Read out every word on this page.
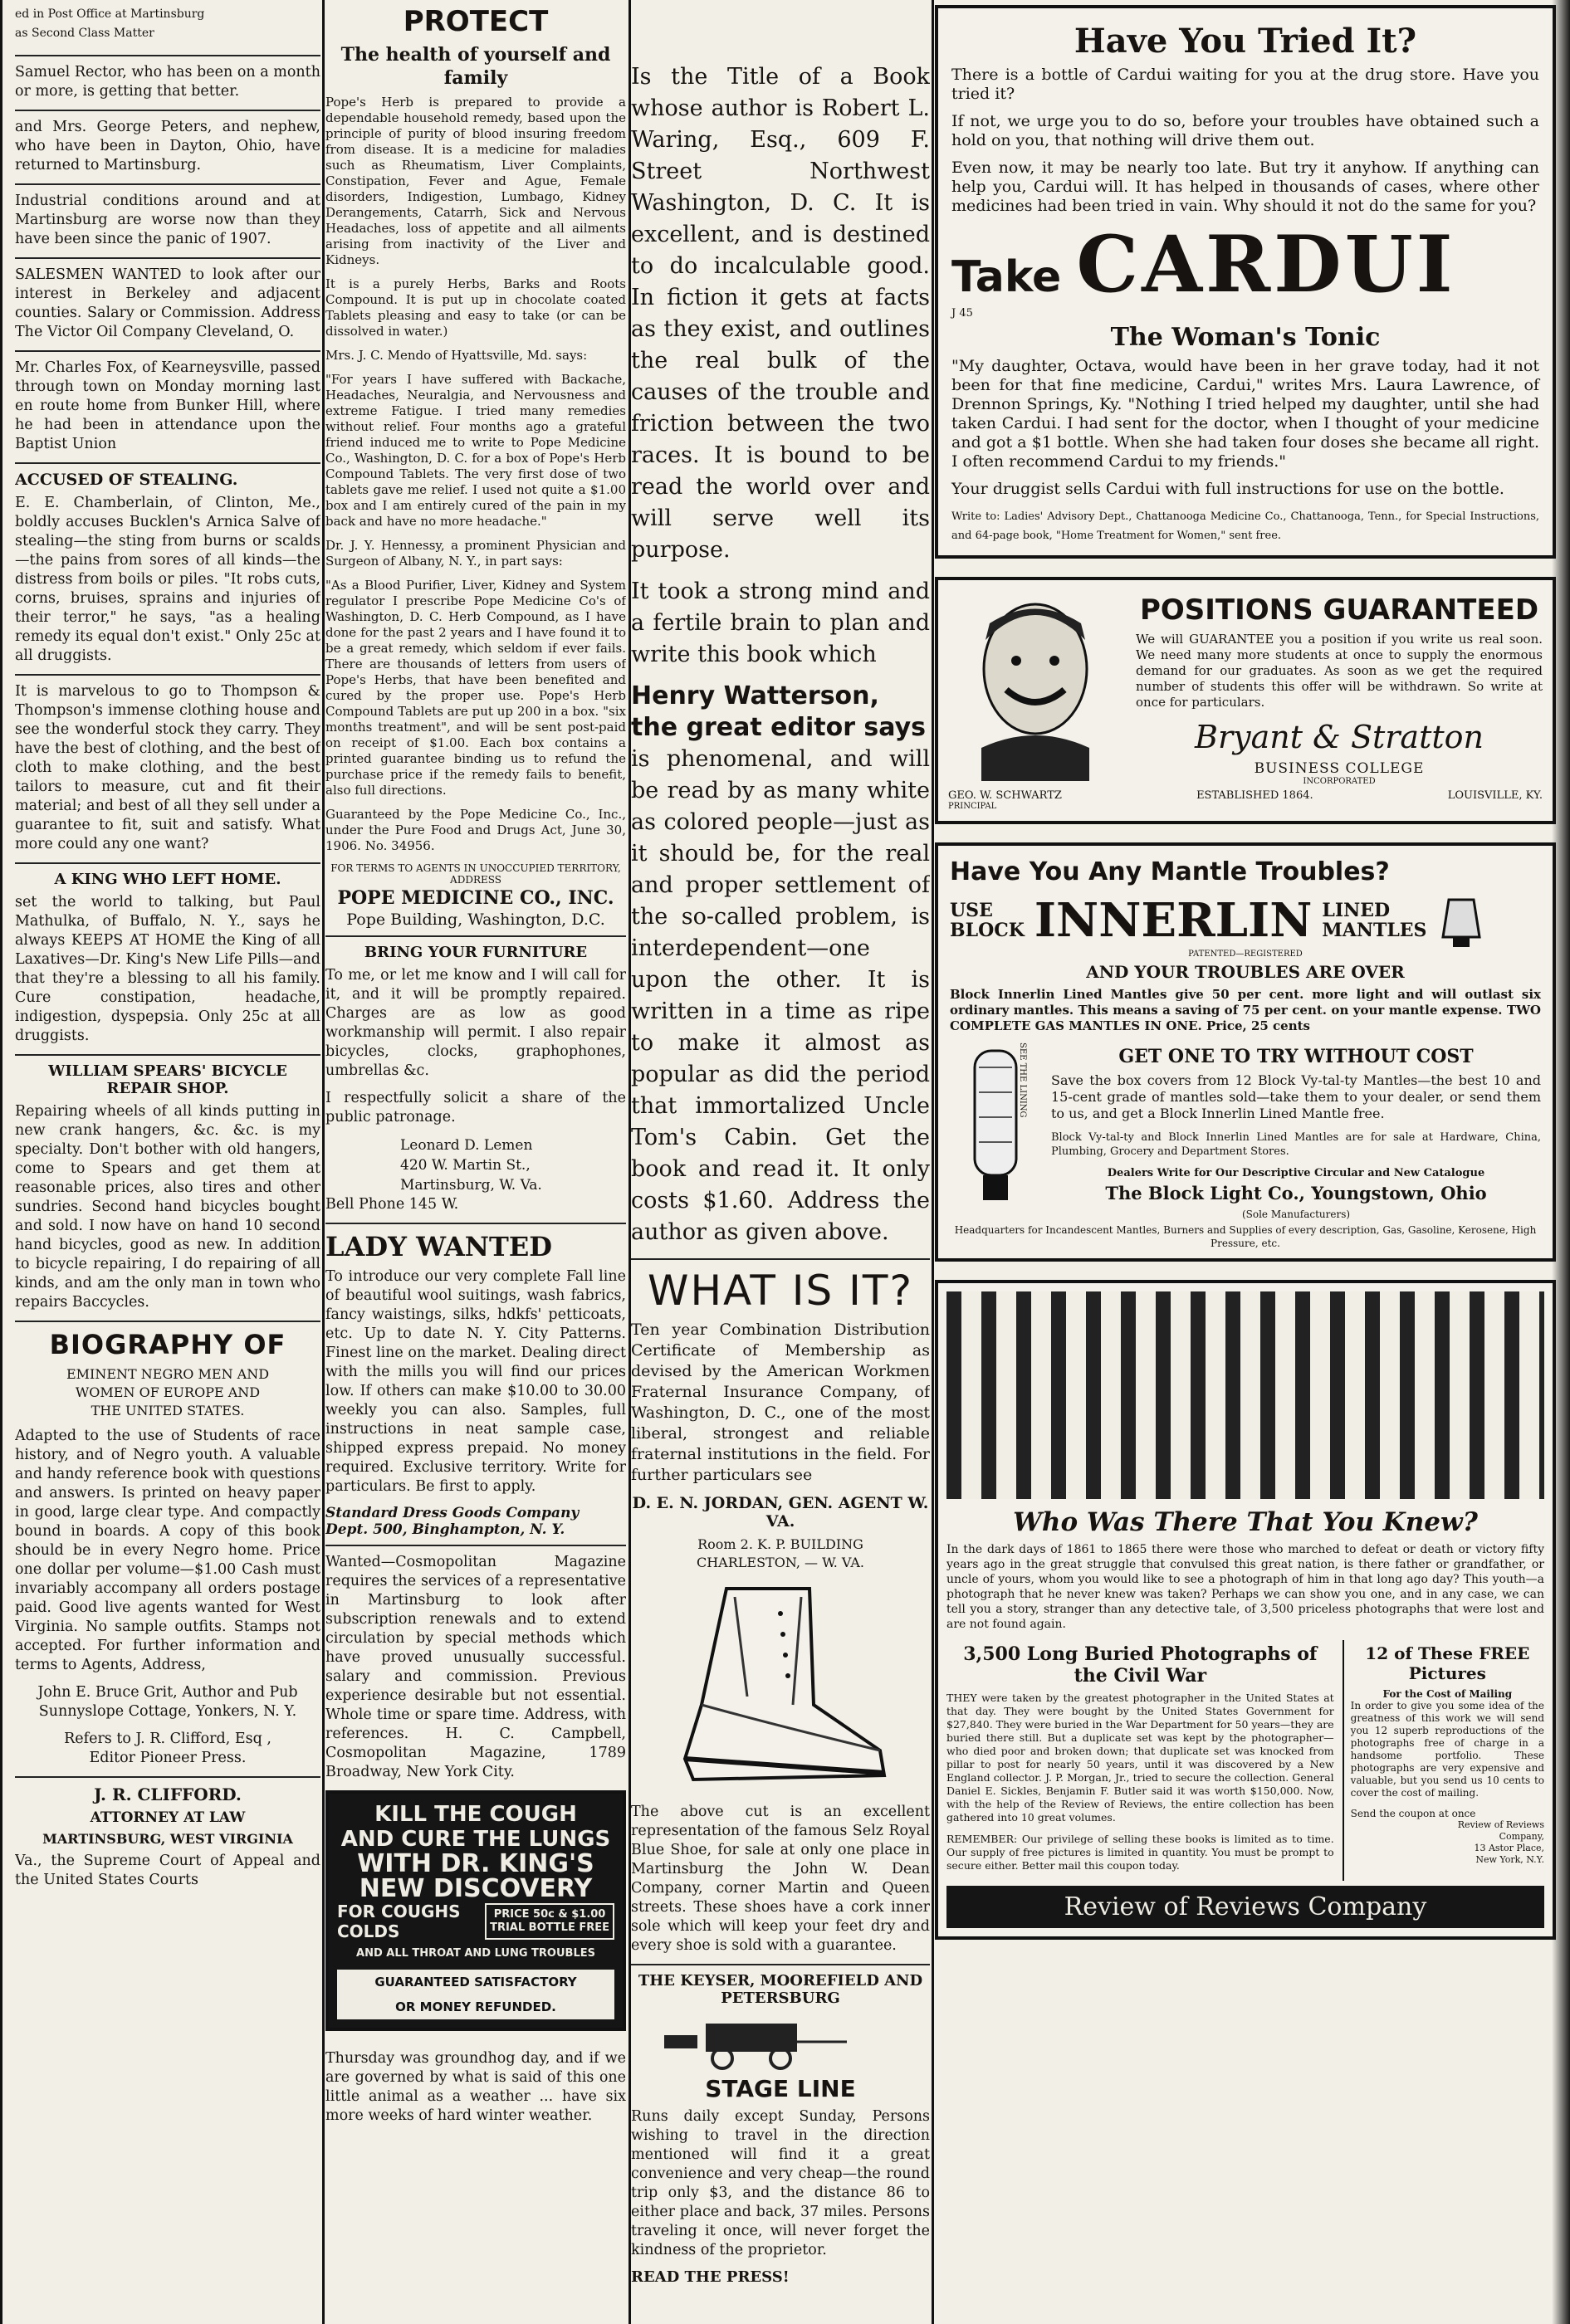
ed in Post Office at Martinsburg
as Second Class Matter

Samuel Rector, who has been on a month or more, is getting that better.

and Mrs. George Peters, and nephew, who have been in Dayton, Ohio, have returned to Martinsburg.

Industrial conditions around and at Martinsburg are worse now than they have been since the panic of 1907.

SALESMEN WANTED to look after our interest in Berkeley and adjacent counties. Salary or Commission. Address The Victor Oil Company Cleveland, O.

Mr. Charles Fox, of Kearneysville, passed through town on Monday morning last en route home from Bunker Hill, where he had been in attendance upon the Baptist Union

ACCUSED OF STEALING.

E. E. Chamberlain, of Clinton, Me., boldly accuses Bucklen's Arnica Salve of stealing—the sting from burns or scalds—the pains from sores of all kinds—the distress from boils or piles. "It robs cuts, corns, bruises, sprains and injuries of their terror," he says, "as a healing remedy its equal don't exist." Only 25c at all druggists.

It is marvelous to go to Thompson & Thompson's immense clothing house and see the wonderful stock they carry. They have the best of clothing, and the best of cloth to make clothing, and the best tailors to measure, cut and fit their material; and best of all they sell under a guarantee to fit, suit and satisfy. What more could any one want?

A KING WHO LEFT HOME.

set the world to talking, but Paul Mathulka, of Buffalo, N. Y., says he always KEEPS AT HOME the King of all Laxatives—Dr. King's New Life Pills—and that they're a blessing to all his family. Cure constipation, headache, indigestion, dyspepsia. Only 25c at all druggists.

WILLIAM SPEARS' BICYCLE REPAIR SHOP.

Repairing wheels of all kinds putting in new crank hangers, &c. &c. is my specialty. Don't bother with old hangers, come to Spears and get them at reasonable prices, also tires and other sundries. Second hand bicycles bought and sold. I now have on hand 10 second hand bicycles, good as new. In addition to bicycle repairing, I do repairing of all kinds, and am the only man in town who repairs Baccycles.

BIOGRAPHY OF
EMINENT NEGRO MEN AND
WOMEN OF EUROPE AND
THE UNITED STATES.

Adapted to the use of Students of race history, and of Negro youth. A valuable and handy reference book with questions and answers. Is printed on heavy paper in good, large clear type. And compactly bound in boards. A copy of this book should be in every Negro home. Price one dollar per volume—$1.00 Cash must invariably accompany all orders postage paid. Good live agents wanted for West Virginia. No sample outfits. Stamps not accepted. For further information and terms to Agents, Address,

John E. Bruce Grit, Author and Pub
Sunnyslope Cottage, Yonkers, N. Y.
Refers to J. R. Clifford, Esq ,
Editor Pioneer Press.
J. R. CLIFFORD.
ATTORNEY AT LAW
MARTINSBURG, WEST VIRGINIA

Va., the Supreme Court of Appeal and the United States Courts

PROTECT
The health of yourself and family

Pope's Herb is prepared to provide a dependable household remedy, based upon the principle of purity of blood insuring freedom from disease. It is a medicine for maladies such as Rheumatism, Liver Complaints, Constipation, Fever and Ague, Female disorders, Indigestion, Lumbago, Kidney Derangements, Catarrh, Sick and Nervous Headaches, loss of appetite and all ailments arising from inactivity of the Liver and Kidneys.

It is a purely Herbs, Barks and Roots Compound. It is put up in chocolate coated Tablets pleasing and easy to take (or can be dissolved in water.)

Mrs. J. C. Mendo of Hyattsville, Md. says:

"For years I have suffered with Backache, Headaches, Neuralgia, and Nervousness and extreme Fatigue. I tried many remedies without relief. Four months ago a grateful friend induced me to write to Pope Medicine Co., Washington, D. C. for a box of Pope's Herb Compound Tablets. The very first dose of two tablets gave me relief. I used not quite a $1.00 box and I am entirely cured of the pain in my back and have no more headache."

Dr. J. Y. Hennessy, a prominent Physician and Surgeon of Albany, N. Y., in part says:

"As a Blood Purifier, Liver, Kidney and System regulator I prescribe Pope Medicine Co's of Washington, D. C. Herb Compound, as I have done for the past 2 years and I have found it to be a great remedy, which seldom if ever fails. There are thousands of letters from users of Pope's Herbs, that have been benefited and cured by the proper use. Pope's Herb Compound Tablets are put up 200 in a box. "six months treatment", and will be sent post-paid on receipt of $1.00. Each box contains a printed guarantee binding us to refund the purchase price if the remedy fails to benefit, also full directions.

Guaranteed by the Pope Medicine Co., Inc., under the Pure Food and Drugs Act, June 30, 1906. No. 34956.

FOR TERMS TO AGENTS IN UNOCCUPIED TERRITORY, ADDRESS
POPE MEDICINE CO., INC.
Pope Building, Washington, D.C.
BRING YOUR FURNITURE

To me, or let me know and I will call for it, and it will be promptly repaired. Charges are as low as good workmanship will permit. I also repair bicycles, clocks, graphophones, umbrellas &c.

I respectfully solicit a share of the public patronage.

Leonard D. Lemen
420 W. Martin St.,
Martinsburg, W. Va.
Bell Phone 145 W.
LADY WANTED

To introduce our very complete Fall line of beautiful wool suitings, wash fabrics, fancy waistings, silks, hdkfs' petticoats, etc. Up to date N. Y. City Patterns. Finest line on the market. Dealing direct with the mills you will find our prices low. If others can make $10.00 to 30.00 weekly you can also. Samples, full instructions in neat sample case, shipped express prepaid. No money required. Exclusive territory. Write for particulars. Be first to apply.

Standard Dress Goods Company
Dept. 500, Binghampton, N. Y.

Wanted—Cosmopolitan Magazine requires the services of a representative in Martinsburg to look after subscription renewals and to extend circulation by special methods which have proved unusually successful. salary and commission. Previous experience desirable but not essential. Whole time or spare time. Address, with references. H. C. Campbell, Cosmopolitan Magazine, 1789 Broadway, New York City.

KILL THE COUGH
AND CURE THE LUNGS
WITH DR. KING'S
NEW DISCOVERY
FOR COUGHS
COLDS
PRICE 50c & $1.00
TRIAL BOTTLE FREE
AND ALL THROAT AND LUNG TROUBLES
GUARANTEED SATISFACTORY
OR MONEY REFUNDED.

Thursday was groundhog day, and if we are governed by what is said of this one little animal as a weather ... have six more weeks of hard winter weather.

Is the Title of a Book whose author is Robert L. Waring, Esq., 609 F. Street Northwest Washington, D. C. It is excellent, and is destined to do incalculable good. In fiction it gets at facts as they exist, and outlines the real bulk of the causes of the trouble and friction between the two races. It is bound to be read the world over and will serve well its purpose.

It took a strong mind and a fertile brain to plan and write this book which

Henry Watterson, the great editor says

is phenomenal, and will be read by as many white as colored people—just as it should be, for the real and proper settlement of the so-called problem, is interdependent—one upon the other. It is written in a time as ripe to make it almost as popular as did the period that immortalized Uncle Tom's Cabin. Get the book and read it. It only costs $1.60. Address the author as given above.

WHAT IS IT?

Ten year Combination Distribution Certificate of Membership as devised by the American Workmen Fraternal Insurance Company, of Washington, D. C., one of the most liberal, strongest and reliable fraternal institutions in the field. For further particulars see

D. E. N. JORDAN, GEN. AGENT W. VA.
Room 2. K. P. BUILDING
CHARLESTON, — W. VA.

The above cut is an excellent representation of the famous Selz Royal Blue Shoe, for sale at only one place in Martinsburg the John W. Dean Company, corner Martin and Queen streets. These shoes have a cork inner sole which will keep your feet dry and every shoe is sold with a guarantee.

THE KEYSER, MOOREFIELD AND PETERSBURG
STAGE LINE

Runs daily except Sunday, Persons wishing to travel in the direction mentioned will find it a great convenience and very cheap—the round trip only $3, and the distance 86 to either place and back, 37 miles. Persons traveling it once, will never forget the kindness of the proprietor.

READ THE PRESS!
Have You Tried It?

There is a bottle of Cardui waiting for you at the drug store. Have you tried it?

If not, we urge you to do so, before your troubles have obtained such a hold on you, that nothing will drive them out.

Even now, it may be nearly too late. But try it anyhow. If anything can help you, Cardui will. It has helped in thousands of cases, where other medicines had been tried in vain. Why should it not do the same for you?

Take CARDUI
J 45
The Woman's Tonic

"My daughter, Octava, would have been in her grave today, had it not been for that fine medicine, Cardui," writes Mrs. Laura Lawrence, of Drennon Springs, Ky. "Nothing I tried helped my daughter, until she had taken Cardui. I had sent for the doctor, when I thought of your medicine and got a $1 bottle. When she had taken four doses she became all right. I often recommend Cardui to my friends."

Your druggist sells Cardui with full instructions for use on the bottle.

Write to: Ladies' Advisory Dept., Chattanooga Medicine Co., Chattanooga, Tenn., for Special Instructions, and 64-page book, "Home Treatment for Women," sent free.

POSITIONS GUARANTEED

We will GUARANTEE you a position if you write us real soon. We need many more students at once to supply the enormous demand for our graduates. As soon as we get the required number of students this offer will be withdrawn. So write at once for particulars.

Bryant & Stratton
BUSINESS COLLEGE
INCORPORATED
GEO. W. SCHWARTZ	ESTABLISHED 1864.	LOUISVILLE, KY.
PRINCIPAL
Have You Any Mantle Troubles?
USE
BLOCK INNERLIN LINED
MANTLES
PATENTED—REGISTERED
AND YOUR TROUBLES ARE OVER

Block Innerlin Lined Mantles give 50 per cent. more light and will outlast six ordinary mantles. This means a saving of 75 per cent. on your mantle expense. TWO COMPLETE GAS MANTLES IN ONE. Price, 25 cents

SEE THE LINING	GET ONE TO TRY WITHOUT COST

Save the box covers from 12 Block Vy-tal-ty Mantles—the best 10 and 15-cent grade of mantles sold—take them to your dealer, or send them to us, and get a Block Innerlin Lined Mantle free.

Block Vy-tal-ty and Block Innerlin Lined Mantles are for sale at Hardware, China, Plumbing, Grocery and Department Stores.

Dealers Write for Our Descriptive Circular and New Catalogue
The Block Light Co., Youngstown, Ohio
(Sole Manufacturers)

Headquarters for Incandescent Mantles, Burners and Supplies of every description, Gas, Gasoline, Kerosene, High Pressure, etc.

Who Was There That You Knew?

In the dark days of 1861 to 1865 there were those who marched to defeat or death or victory fifty years ago in the great struggle that convulsed this great nation, is there father or grandfather, or uncle of yours, whom you would like to see a photograph of him in that long ago day? This youth—a photograph that he never knew was taken? Perhaps we can show you one, and in any case, we can tell you a story, stranger than any detective tale, of 3,500 priceless photographs that were lost and are not found again.

3,500 Long Buried Photographs of the Civil War

THEY were taken by the greatest photographer in the United States at that day. They were bought by the United States Government for $27,840. They were buried in the War Department for 50 years—they are buried there still. But a duplicate set was kept by the photographer—who died poor and broken down; that duplicate set was knocked from pillar to post for nearly 50 years, until it was discovered by a New England collector. J. P. Morgan, Jr., tried to secure the collection. General Daniel E. Sickles, Benjamin F. Butler said it was worth $150,000. Now, with the help of the Review of Reviews, the entire collection has been gathered into 10 great volumes.

REMEMBER: Our privilege of selling these books is limited as to time. Our supply of free pictures is limited in quantity. You must be prompt to secure either. Better mail this coupon today.

12 of These FREE Pictures
For the Cost of Mailing

In order to give you some idea of the greatness of this work we will send you 12 superb reproductions of the photographs free of charge in a handsome portfolio. These photographs are very expensive and valuable, but you send us 10 cents to cover the cost of mailing.

Send the coupon at once
Review of Reviews
Company,
13 Astor Place,
New York, N.Y.
Review of Reviews Company
